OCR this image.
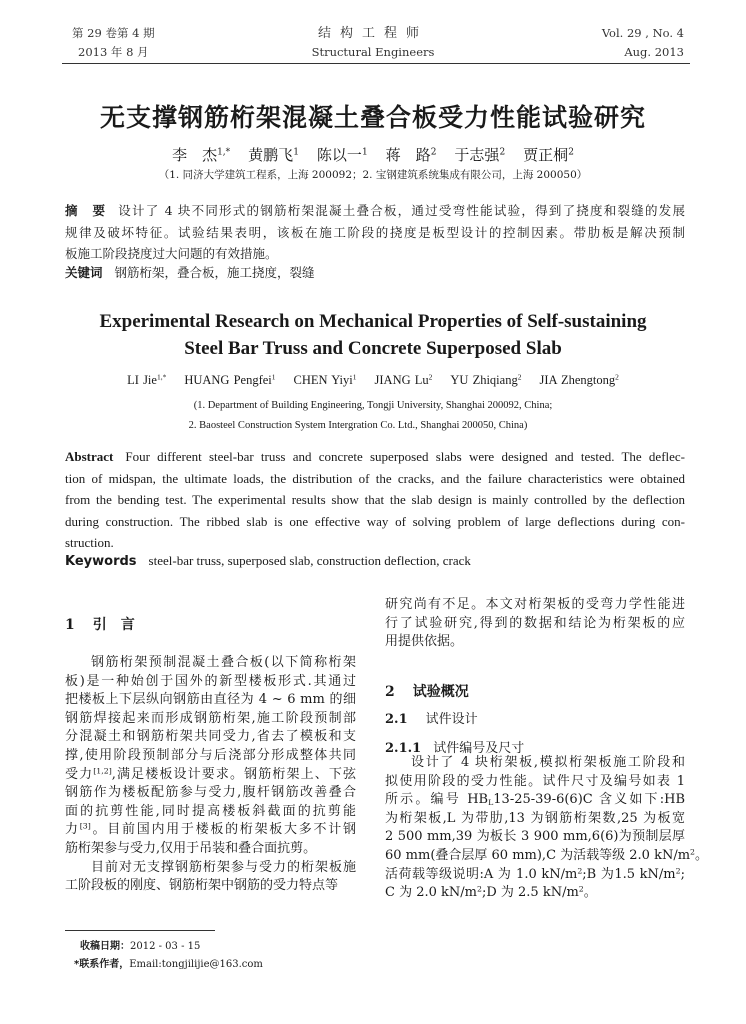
第 29 卷第 4 期
2013 年 8 月
结构工程师
Structural Engineers
Vol. 29 , No. 4
Aug. 2013
无支撑钢筋桁架混凝土叠合板受力性能试验研究
李　杰$^{1,*}$ 黄鹏飞$^1$ 陈以一$^1$ 蒋　路$^2$ 于志强$^2$ 贾正桐$^2$
（1. 同济大学建筑工程系，上海 200092；2. 宝钢建筑系统集成有限公司，上海 200050）
摘　要 设计了 4 块不同形式的钢筋桁架混凝土叠合板，通过受弯性能试验，得到了挠度和裂缝的发展
规律及破坏特征。试验结果表明，该板在施工阶段的挠度是板型设计的控制因素。带肋板是解决预制
板施工阶段挠度过大问题的有效措施。
关键词 钢筋桁架，叠合板，施工挠度，裂缝
Experimental Research on Mechanical Properties of Self-sustaining
Steel Bar Truss and Concrete Superposed Slab
LI Jie$^{1,*}$ HUANG Pengfei$^1$ CHEN Yiyi$^1$ JIANG Lu$^2$ YU Zhiqiang$^2$ JIA Zhengtong$^2$
(1. Department of Building Engineering, Tongji University, Shanghai 200092, China;
2. Baosteel Construction System Intergration Co. Ltd., Shanghai 200050, China)
Abstract Four different steel-bar truss and concrete superposed slabs were designed and tested. The deflec-
tion of midspan, the ultimate loads, the distribution of the cracks, and the failure characteristics were obtained
from the bending test. The experimental results show that the slab design is mainly controlled by the deflection
during construction. The ribbed slab is one effective way of solving problem of large deflections during con-
struction.
Keywords steel-bar truss, superposed slab, construction deflection, crack
1 引　言
钢筋桁架预制混凝土叠合板(以下简称桁架
板)是一种始创于国外的新型楼板形式.其通过
把楼板上下层纵向钢筋由直径为 4 ~ 6 mm 的细
钢筋焊接起来而形成钢筋桁架,施工阶段预制部
分混凝土和钢筋桁架共同受力,省去了模板和支
撑,使用阶段预制部分与后浇部分形成整体共同
受力[1,2],满足楼板设计要求。钢筋桁架上、下弦
钢筋作为楼板配筋参与受力,腹杆钢筋改善叠合
面的抗剪性能,同时提高楼板斜截面的抗剪能
力[3]。目前国内用于楼板的桁架板大多不计钢
筋桁架参与受力,仅用于吊装和叠合面抗剪。
目前对无支撑钢筋桁架参与受力的桁架板施
工阶段板的刚度、钢筋桁架中钢筋的受力特点等
研究尚有不足。本文对桁架板的受弯力学性能进
行了试验研究,得到的数据和结论为桁架板的应
用提供依据。
2 试验概况
2.1 试件设计
2.1.1 试件编号及尺寸
设计了 4 块桁架板,模拟桁架板施工阶段和
拟使用阶段的受力性能。试件尺寸及编号如表 1
所示。编号 $HB_L13-25-39-6(6)C$ 含义如下:HB
为桁架板,L 为带肋,13 为钢筋桁架数,25 为板宽
2 500 mm,39 为板长 3 900 mm,6(6)为预制层厚
60 mm(叠合层厚 60 mm),C 为活载等级 2.0 $kN/m^2$。
活荷载等级说明:A 为 1.0 $kN/m^2;B$ 为1.5 $kN/m^2$;
C 为 2.0 $kN/m^2;D$ 为 2.5 $kN/m^2$。
收稿日期：2012 - 03 - 15
*联系作者，Email:tongjilijie@163.com
